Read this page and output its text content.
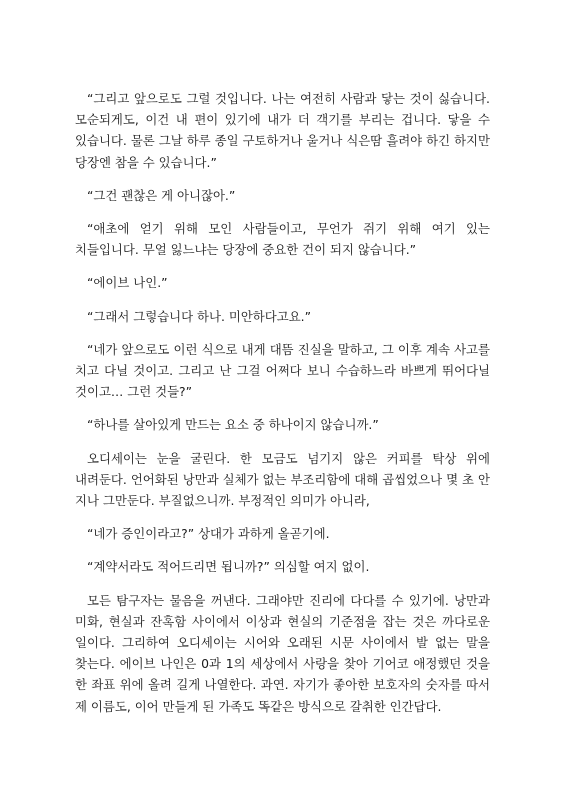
“그리고 앞으로도 그럴 것입니다. 나는 여전히 사람과 닿는 것이 싫습니다. 모순되게도, 이건 내 편이 있기에 내가 더 객기를 부리는 겁니다. 닿을 수 있습니다. 물론 그날 하루 종일 구토하거나 울거나 식은땀 흘려야 하긴 하지만 당장엔 참을 수 있습니다.”

“그건 괜찮은 게 아니잖아.”

“애초에 얻기 위해 모인 사람들이고, 무언가 쥐기 위해 여기 있는 치들입니다. 무얼 잃느냐는 당장에 중요한 건이 되지 않습니다.”

“에이브 나인.”

“그래서 그렇습니다 하나. 미안하다고요.”

“네가 앞으로도 이런 식으로 내게 대뜸 진실을 말하고, 그 이후 계속 사고를 치고 다닐 것이고. 그리고 난 그걸 어쩌다 보니 수습하느라 바쁘게 뛰어다닐 것이고… 그런 것들?”

“하나를 살아있게 만드는 요소 중 하나이지 않습니까.”

오디세이는 눈을 굴린다. 한 모금도 넘기지 않은 커피를 탁상 위에 내려둔다. 언어화된 낭만과 실체가 없는 부조리함에 대해 곱씹었으나 몇 초 안 지나 그만둔다. 부질없으니까. 부정적인 의미가 아니라,

“네가 증인이라고?” 상대가 과하게 올곧기에.

“계약서라도 적어드리면 됩니까?” 의심할 여지 없이.

모든 탐구자는 물음을 꺼낸다. 그래야만 진리에 다다를 수 있기에. 낭만과 미화, 현실과 잔혹함 사이에서 이상과 현실의 기준점을 잡는 것은 까다로운 일이다. 그리하여 오디세이는 시어와 오래된 시문 사이에서 발 없는 말을 찾는다. 에이브 나인은 0과 1의 세상에서 사랑을 찾아 기어코 애정했던 것을 한 좌표 위에 올려 길게 나열한다. 과연. 자기가 좋아한 보호자의 숫자를 따서 제 이름도, 이어 만들게 된 가족도 똑같은 방식으로 갈취한 인간답다.
